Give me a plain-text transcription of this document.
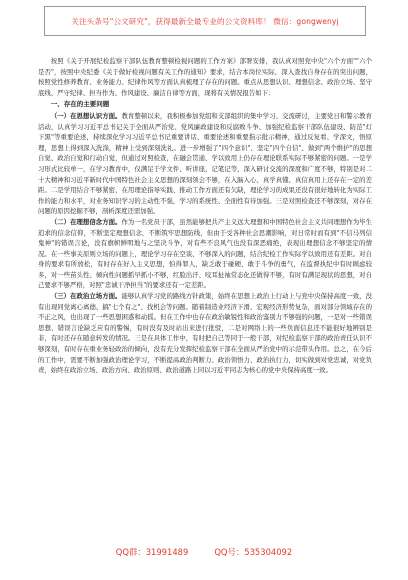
关注头条号"公文研究"，获得最新全最专业的公文资料库！ 微信：gongwenyj

按照《关于开展纪检监察干部队伍教育整顿检视问题的工作方案》部署安排，我认真对照党中央"六个方面""六个是否"，按照中央纪委《关于做好检视问题有关工作的通知》要求，结合本岗位实际，深入查找自身存在的突出问题，按照党性修养教育、业务能力、纪律作风等方面认真梳理了存在的问题。重点从思想认识、理想信念、政治立场、坚守底线、严守纪律、担当作为、作风建设、廉洁自律等方面，现将有关情况报告如下：

一、存在的主要问题

（一）在思想认识方面。教育整顿以来，我积极参加党组和支部组织的集中学习、交流研讨，主要党日和警示教育活动，认真学习习近平总书记关于全面从严治党、党风廉政建设和反腐败斗争、加强纪检监察干部队伍建设、防范"灯下黑"等重要论述，持续深化学习习近平总书记重要讲话、重要论述和重要指示批示精神，通过反复看、学深文，悟原理，思想上得到深入洗涤，精神上受到深刻洗礼。进一步增强了"四个意识"、坚定"四个自信"、做到"两个维护"的思想自觉、政治自觉和行动自觉，但通过对照检查，在融会贯通、学以致用上仍存在理论联系实际不够紧密的问题。一是学习形式比较单一，在学习教育中，仅满足于学文件、听讲座，记笔记等，深入研讨交流的深度和广度不够，特别是对二十大精神和习近平新时代中国特色社会主义思想的深刻领会不够，在入脑入心、真学真懂、真信真用上还存在一定的差距。二是学用结合不够紧密，在用理论指导实践、推动工作方面还有欠缺，理论学习的成果还没有很好地转化为实际工作的能力和水平，对业务知识学习的主动性不强，学习的系统性、全面性有待加强。三是对照检查还不够深刻，对存在问题的原因挖掘不够，剖析深度还需加强。

（二）在理想信念方面。作为一名党员干部，虽然能够把共产主义远大理想和中国特色社会主义共同理想作为毕生追求的信念信仰，不断坚定理想信念，不断筑牢思想防线，但由于受各种社会思潮影响，对日常时而有到"不信马列信鬼神"的错误言论，没有旗帜鲜明地与之坚决斗争，对有些不良风气也没有深恶痛绝，表现出理想信念不够坚定的情况。在一些事关原则立场的问题上，理论学习存在空谈、不够深入的问题，结合纪检工作实际学以致用还有差距。对自身的要求有所放松，有时存在好人主义思想，怕得罪人，缺乏敢于碰硬、敢于斗争的勇气，在监督执纪中有时顾虑较多，对一些苗头性、倾向性问题抓早抓小不够，红脸出汗、咬耳扯袖常态化还做得不够，有时有满足现状的思想，对自己要求不够严格，对照"忠诚干净担当"的要求还有一定差距。

（三）在政治立场方面。能够认真学习党的路线方针政策，始终在思想上政治上行动上与党中央保持高度一致，没有出现同党离心离德、搞"七个有之"、找机会等问题。随着制造业经济下滑、宏观经济形势复杂，面对部分领域存在的不正之风，也出现了一些思想困惑和动摇。但在工作中也存在政治敏锐性和政治鉴别力不够强的问题，一是对一些错误思想、错误言论缺乏应有的警惕，有时没有及时站出来进行批驳，二是对网络上的一些负面信息还不能很好地辨别是非，有时还存在随意转发的情况。三是在具体工作中，有时把自己等同于一般干部，对纪检监察干部的政治责任认识不够深刻，有时存在重业务轻政治的倾向，没有充分发挥纪检监察干部在全面从严治党中的示范带头作用。总之，在今后的工作中，需要不断加强政治理论学习，不断提高政治判断力、政治领悟力、政治执行力，切实做到对党忠诚，对党负责，始终在政治立场、政治方向、政治原则、政治道路上同以习近平同志为核心的党中央保持高度一致。

QQ群：31991489	QQ号：535304092
